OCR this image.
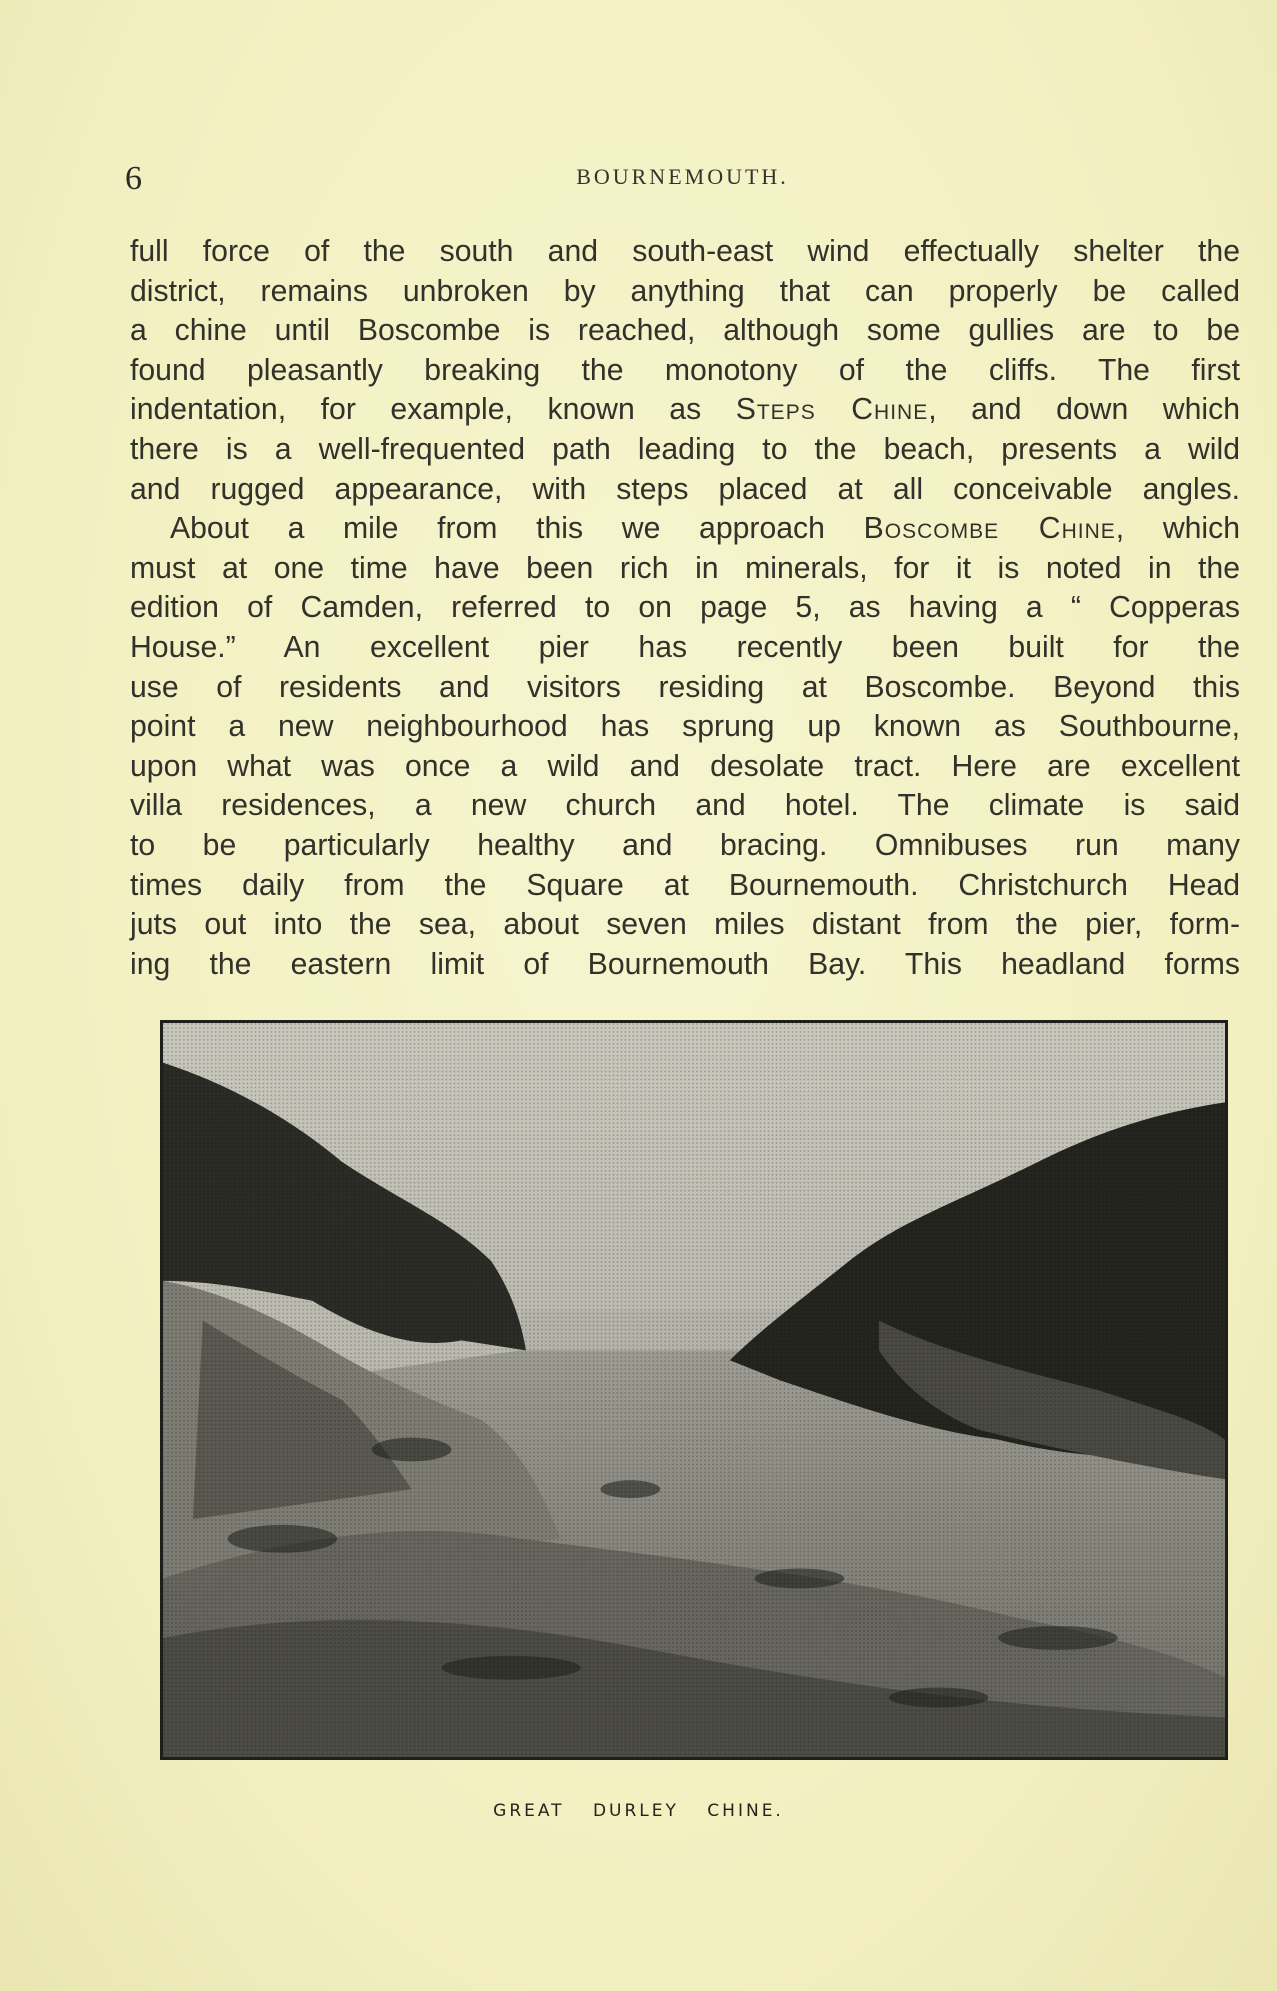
6	BOURNEMOUTH.
full force of the south and south-east wind effectually shelter the
district, remains unbroken by anything that can properly be called
a chine until Boscombe is reached, although some gullies are to be
found pleasantly breaking the monotony of the cliffs. The first
indentation, for example, known as Steps Chine, and down which
there is a well-frequented path leading to the beach, presents a wild
and rugged appearance, with steps placed at all conceivable angles.
About a mile from this we approach Boscombe Chine, which
must at one time have been rich in minerals, for it is noted in the
edition of Camden, referred to on page 5, as having a “ Copperas
House.” An excellent pier has recently been built for the
use of residents and visitors residing at Boscombe. Beyond this
point a new neighbourhood has sprung up known as Southbourne,
upon what was once a wild and desolate tract. Here are excellent
villa residences, a new church and hotel. The climate is said
to be particularly healthy and bracing. Omnibuses run many
times daily from the Square at Bournemouth. Christchurch Head
juts out into the sea, about seven miles distant from the pier, form-
ing the eastern limit of Bournemouth Bay. This headland forms
GREAT DURLEY CHINE.
